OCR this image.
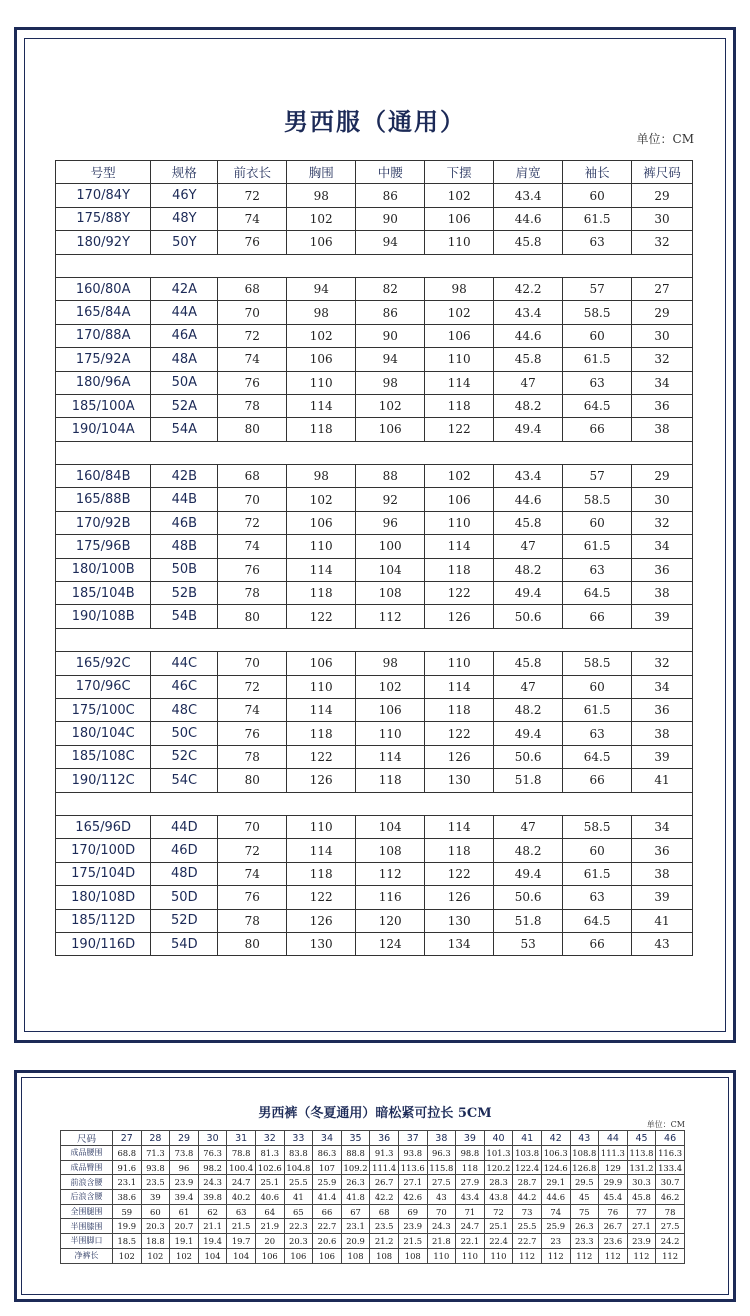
男西服（通用）
单位：CM
号型	规格	前衣长	胸围	中腰	下摆	肩宽	袖长	裤尺码
170/84Y	46Y	72	98	86	102	43.4	60	29
175/88Y	48Y	74	102	90	106	44.6	61.5	30
180/92Y	50Y	76	106	94	110	45.8	63	32

160/80A	42A	68	94	82	98	42.2	57	27
165/84A	44A	70	98	86	102	43.4	58.5	29
170/88A	46A	72	102	90	106	44.6	60	30
175/92A	48A	74	106	94	110	45.8	61.5	32
180/96A	50A	76	110	98	114	47	63	34
185/100A	52A	78	114	102	118	48.2	64.5	36
190/104A	54A	80	118	106	122	49.4	66	38

160/84B	42B	68	98	88	102	43.4	57	29
165/88B	44B	70	102	92	106	44.6	58.5	30
170/92B	46B	72	106	96	110	45.8	60	32
175/96B	48B	74	110	100	114	47	61.5	34
180/100B	50B	76	114	104	118	48.2	63	36
185/104B	52B	78	118	108	122	49.4	64.5	38
190/108B	54B	80	122	112	126	50.6	66	39

165/92C	44C	70	106	98	110	45.8	58.5	32
170/96C	46C	72	110	102	114	47	60	34
175/100C	48C	74	114	106	118	48.2	61.5	36
180/104C	50C	76	118	110	122	49.4	63	38
185/108C	52C	78	122	114	126	50.6	64.5	39
190/112C	54C	80	126	118	130	51.8	66	41

165/96D	44D	70	110	104	114	47	58.5	34
170/100D	46D	72	114	108	118	48.2	60	36
175/104D	48D	74	118	112	122	49.4	61.5	38
180/108D	50D	76	122	116	126	50.6	63	39
185/112D	52D	78	126	120	130	51.8	64.5	41
190/116D	54D	80	130	124	134	53	66	43
男西裤（冬夏通用）暗松紧可拉长 5CM
单位：CM
尺码	27	28	29	30	31	32	33	34	35	36	37	38	39	40	41	42	43	44	45	46
成品腰围	68.8	71.3	73.8	76.3	78.8	81.3	83.8	86.3	88.8	91.3	93.8	96.3	98.8	101.3	103.8	106.3	108.8	111.3	113.8	116.3
成品臀围	91.6	93.8	96	98.2	100.4	102.6	104.8	107	109.2	111.4	113.6	115.8	118	120.2	122.4	124.6	126.8	129	131.2	133.4
前浪含腰	23.1	23.5	23.9	24.3	24.7	25.1	25.5	25.9	26.3	26.7	27.1	27.5	27.9	28.3	28.7	29.1	29.5	29.9	30.3	30.7
后浪含腰	38.6	39	39.4	39.8	40.2	40.6	41	41.4	41.8	42.2	42.6	43	43.4	43.8	44.2	44.6	45	45.4	45.8	46.2
全围腿围	59	60	61	62	63	64	65	66	67	68	69	70	71	72	73	74	75	76	77	78
半围膝围	19.9	20.3	20.7	21.1	21.5	21.9	22.3	22.7	23.1	23.5	23.9	24.3	24.7	25.1	25.5	25.9	26.3	26.7	27.1	27.5
半围脚口	18.5	18.8	19.1	19.4	19.7	20	20.3	20.6	20.9	21.2	21.5	21.8	22.1	22.4	22.7	23	23.3	23.6	23.9	24.2
净裤长	102	102	102	104	104	106	106	106	108	108	108	110	110	110	112	112	112	112	112	112
